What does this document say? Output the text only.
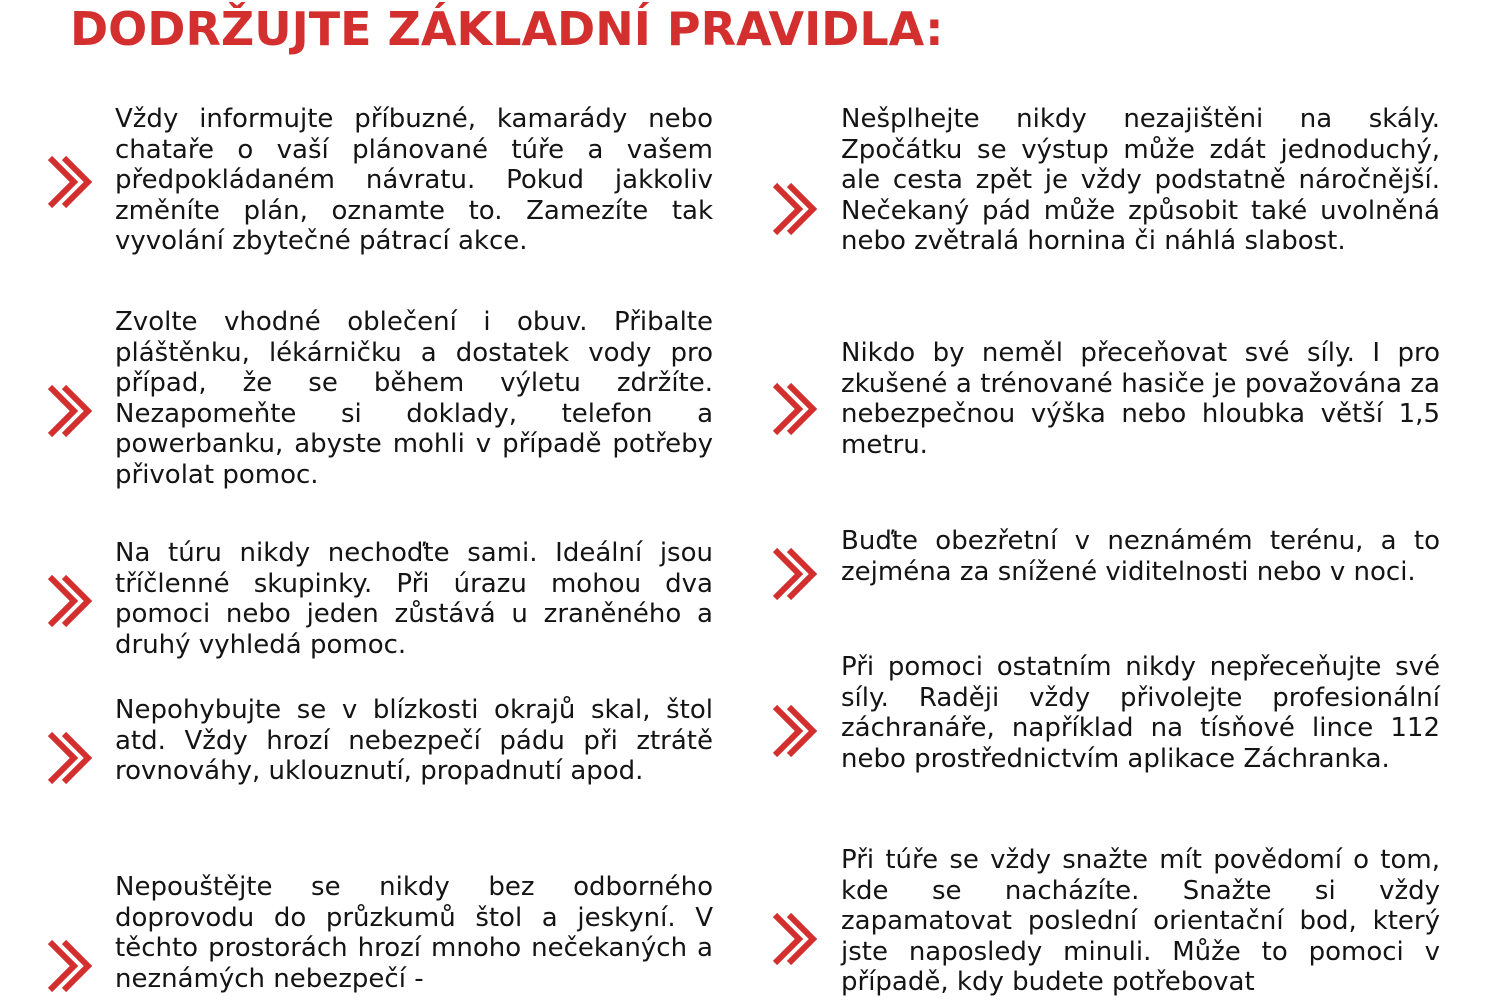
DODRŽUJTE ZÁKLADNÍ PRAVIDLA:

Vždy informujte příbuzné, kamarády nebo chataře o vaší plánované túře a vašem předpokládaném návratu. Pokud jakkoliv změníte plán, oznamte to. Zamezíte tak vyvolání zbytečné pátrací akce.

Zvolte vhodné oblečení i obuv. Přibalte pláštěnku, lékárničku a dostatek vody pro případ, že se během výletu zdržíte. Nezapomeňte si doklady, telefon a powerbanku, abyste mohli v případě potřeby přivolat pomoc.

Na túru nikdy nechoďte sami. Ideální jsou tříčlenné skupinky. Při úrazu mohou dva pomoci nebo jeden zůstává u zraněného a druhý vyhledá pomoc.

Nepohybujte se v blízkosti okrajů skal, štol atd. Vždy hrozí nebezpečí pádu při ztrátě rovnováhy, uklouznutí, propadnutí apod.

Nepouštějte se nikdy bez odborného doprovodu do průzkumů štol a jeskyní. V těchto prostorách hrozí mnoho nečekaných a neznámých nebezpečí -

Nešplhejte nikdy nezajištěni na skály. Zpočátku se výstup může zdát jednoduchý, ale cesta zpět je vždy podstatně náročnější. Nečekaný pád může způsobit také uvolněná nebo zvětralá hornina či náhlá slabost.

Nikdo by neměl přeceňovat své síly. I pro zkušené a trénované hasiče je považována za nebezpečnou výška nebo hloubka větší 1,5 metru.

Buďte obezřetní v neznámém terénu, a to zejména za snížené viditelnosti nebo v noci.

Při pomoci ostatním nikdy nepřeceňujte své síly. Raději vždy přivolejte profesionální záchranáře, například na tísňové lince 112 nebo prostřednictvím aplikace Záchranka.

Při túře se vždy snažte mít povědomí o tom, kde se nacházíte. Snažte si vždy zapamatovat poslední orientační bod, který jste naposledy minuli. Může to pomoci v případě, kdy budete potřebovat
